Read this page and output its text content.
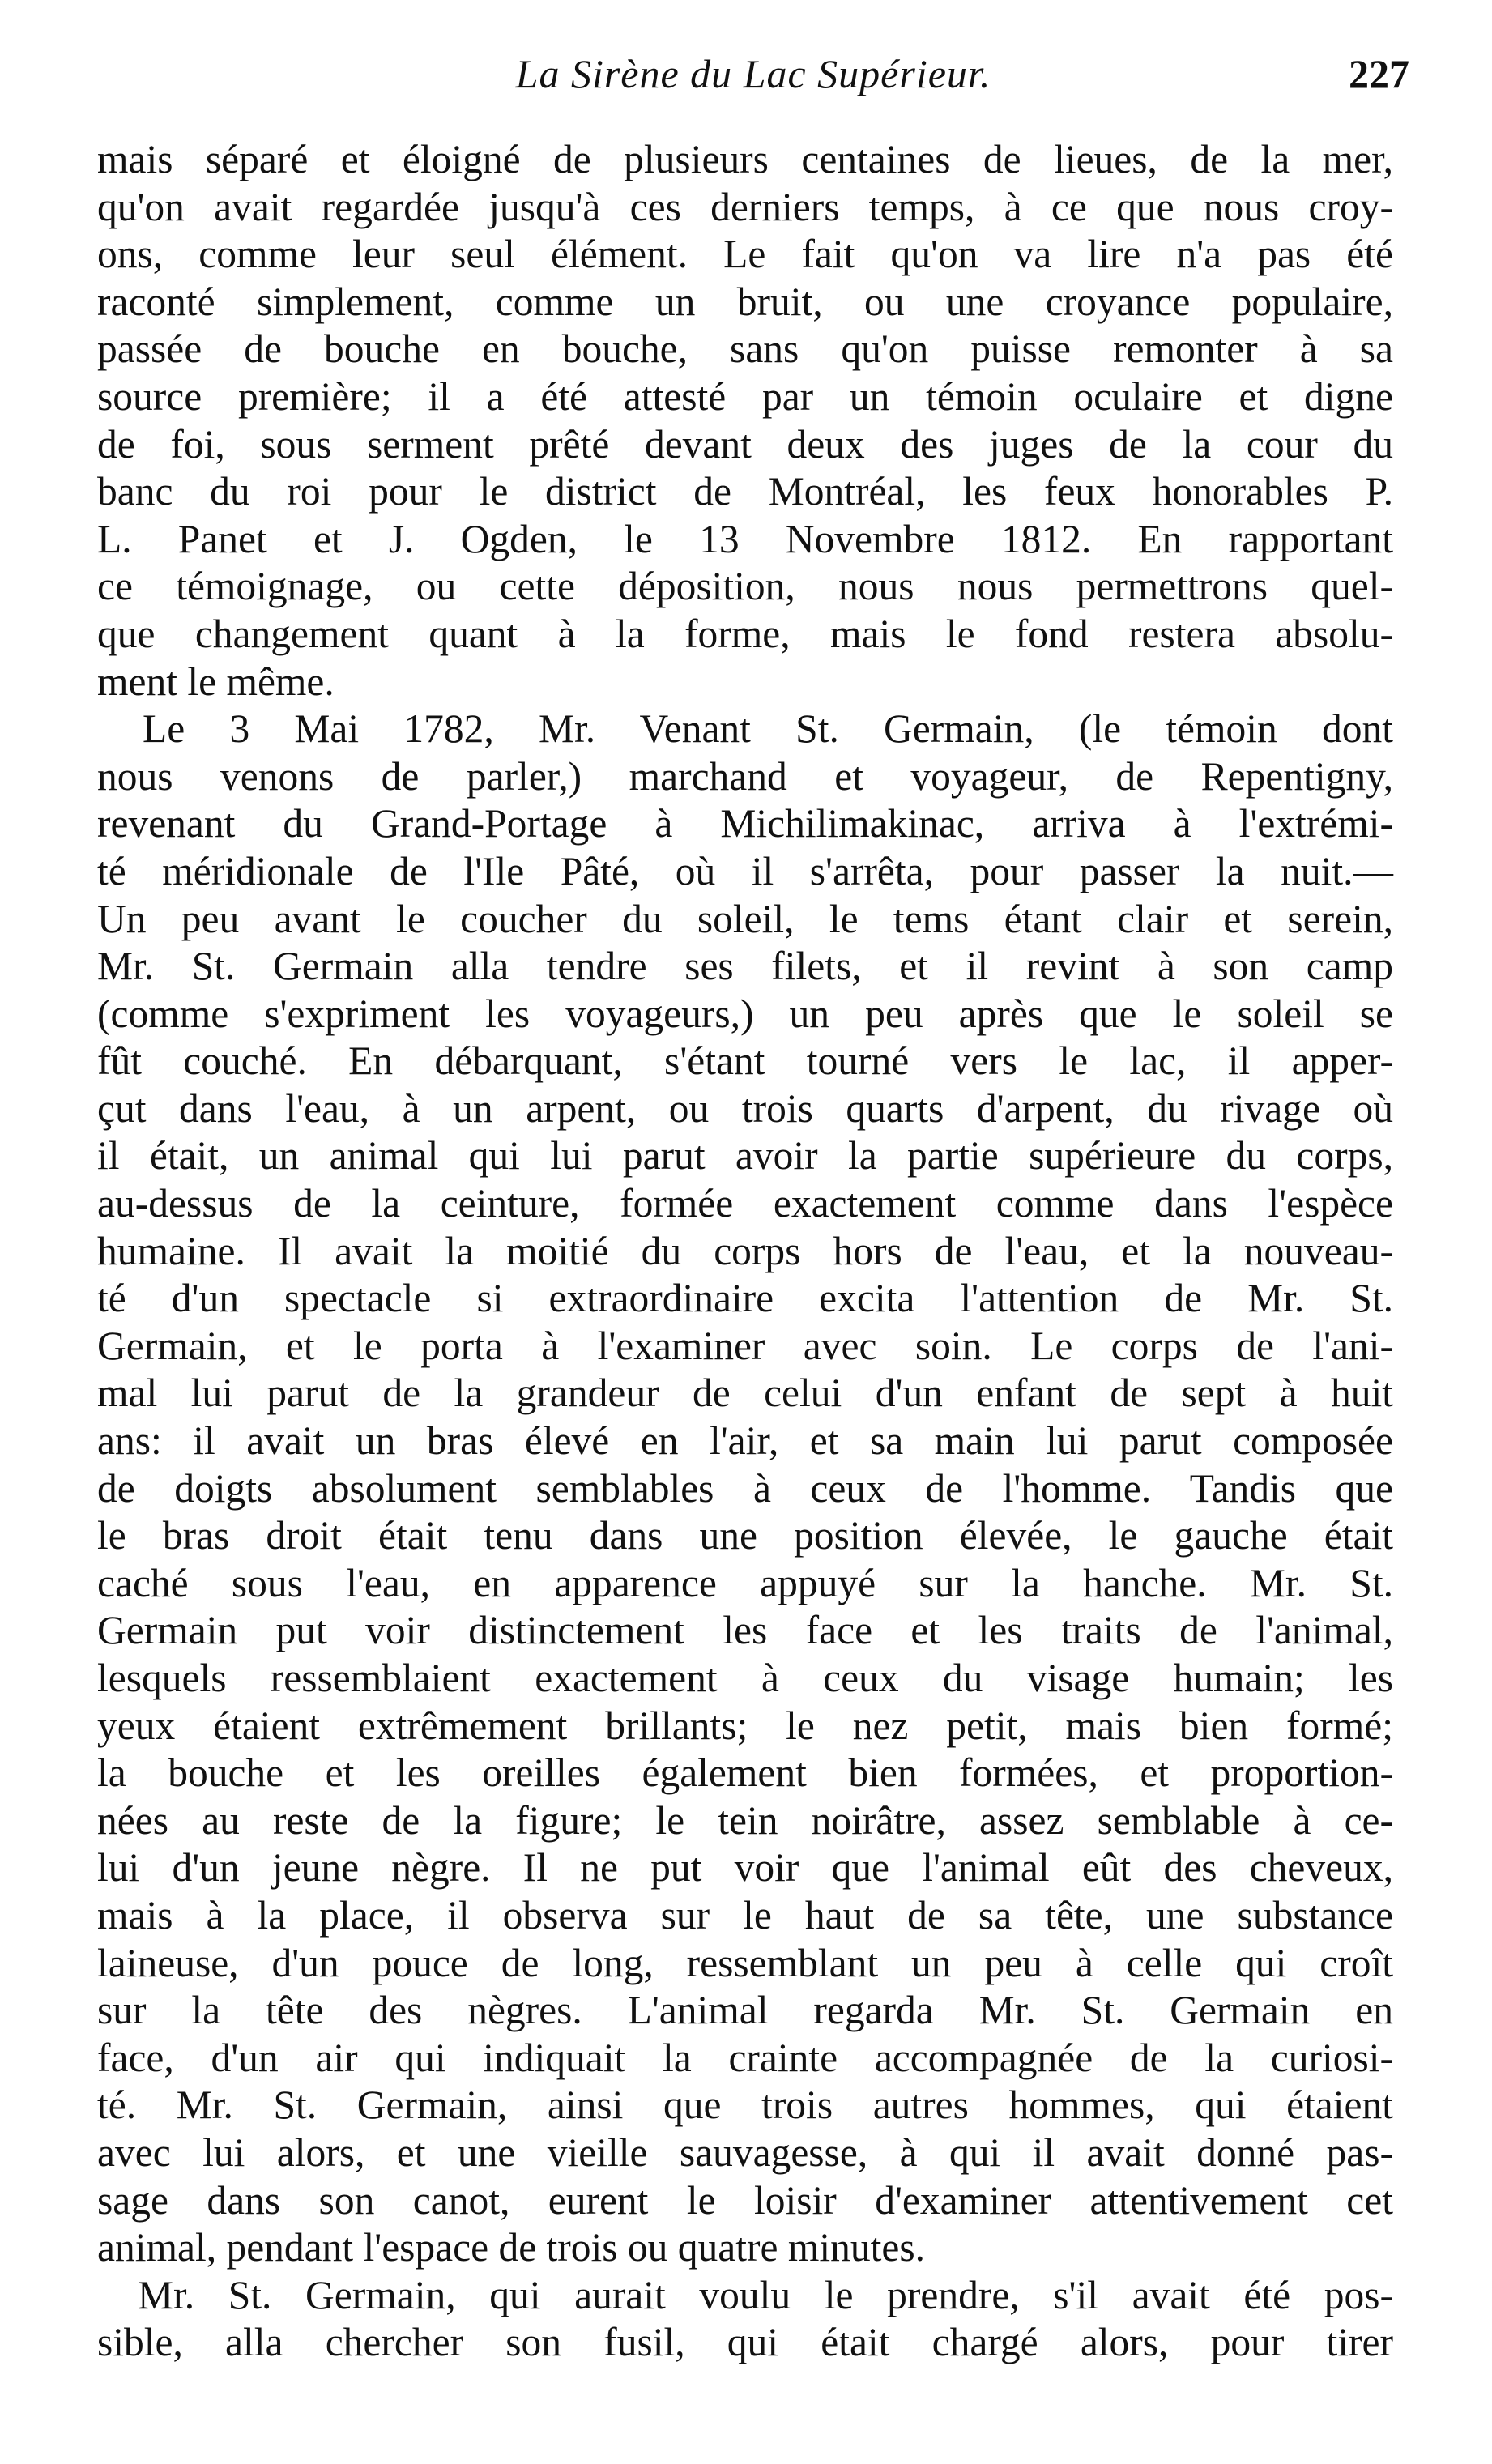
La Sirène du Lac Supérieur.	227
mais séparé et éloigné de plusieurs centaines de lieues, de la mer,
qu'on avait regardée jusqu'à ces derniers temps, à ce que nous croy-
ons, comme leur seul élément. Le fait qu'on va lire n'a pas été
raconté simplement, comme un bruit, ou une croyance populaire,
passée de bouche en bouche, sans qu'on puisse remonter à sa
source première; il a été attesté par un témoin oculaire et digne
de foi, sous serment prêté devant deux des juges de la cour du
banc du roi pour le district de Montréal, les feux honorables P.
L. Panet et J. Ogden, le 13 Novembre 1812. En rapportant
ce témoignage, ou cette déposition, nous nous permettrons quel-
que changement quant à la forme, mais le fond restera absolu-
ment le même.
Le 3 Mai 1782, Mr. Venant St. Germain, (le témoin dont
nous venons de parler,) marchand et voyageur, de Repentigny,
revenant du Grand-Portage à Michilimakinac, arriva à l'extrémi-
té méridionale de l'Ile Pâté, où il s'arrêta, pour passer la nuit.—
Un peu avant le coucher du soleil, le tems étant clair et serein,
Mr. St. Germain alla tendre ses filets, et il revint à son camp
(comme s'expriment les voyageurs,) un peu après que le soleil se
fût couché. En débarquant, s'étant tourné vers le lac, il apper-
çut dans l'eau, à un arpent, ou trois quarts d'arpent, du rivage où
il était, un animal qui lui parut avoir la partie supérieure du corps,
au-dessus de la ceinture, formée exactement comme dans l'espèce
humaine. Il avait la moitié du corps hors de l'eau, et la nouveau-
té d'un spectacle si extraordinaire excita l'attention de Mr. St.
Germain, et le porta à l'examiner avec soin. Le corps de l'ani-
mal lui parut de la grandeur de celui d'un enfant de sept à huit
ans: il avait un bras élevé en l'air, et sa main lui parut composée
de doigts absolument semblables à ceux de l'homme. Tandis que
le bras droit était tenu dans une position élevée, le gauche était
caché sous l'eau, en apparence appuyé sur la hanche. Mr. St.
Germain put voir distinctement les face et les traits de l'animal,
lesquels ressemblaient exactement à ceux du visage humain; les
yeux étaient extrêmement brillants; le nez petit, mais bien formé;
la bouche et les oreilles également bien formées, et proportion-
nées au reste de la figure; le tein noirâtre, assez semblable à ce-
lui d'un jeune nègre. Il ne put voir que l'animal eût des cheveux,
mais à la place, il observa sur le haut de sa tête, une substance
laineuse, d'un pouce de long, ressemblant un peu à celle qui croît
sur la tête des nègres. L'animal regarda Mr. St. Germain en
face, d'un air qui indiquait la crainte accompagnée de la curiosi-
té. Mr. St. Germain, ainsi que trois autres hommes, qui étaient
avec lui alors, et une vieille sauvagesse, à qui il avait donné pas-
sage dans son canot, eurent le loisir d'examiner attentivement cet
animal, pendant l'espace de trois ou quatre minutes.
Mr. St. Germain, qui aurait voulu le prendre, s'il avait été pos-
sible, alla chercher son fusil, qui était chargé alors, pour tirer
